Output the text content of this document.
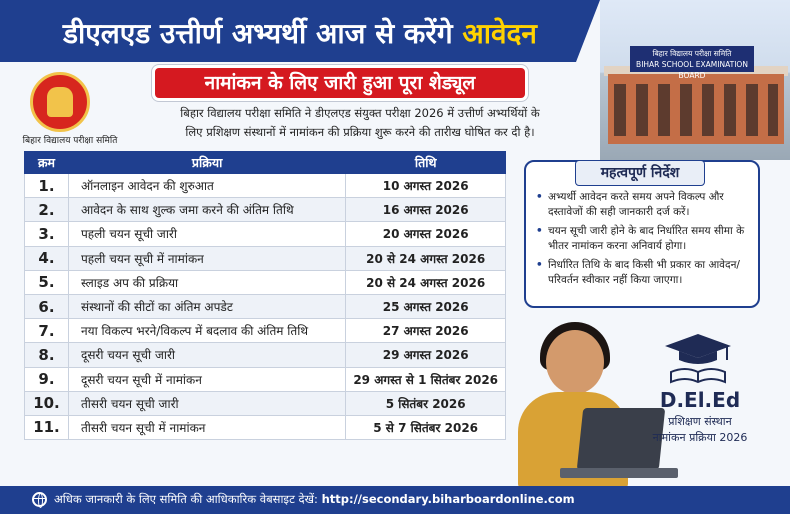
डीएलएड उत्तीर्ण अभ्यर्थी आज से करेंगे आवेदन
बिहार विद्यालय परीक्षा समिति
BIHAR SCHOOL EXAMINATION BOARD
नामांकन के लिए जारी हुआ पूरा शेड्यूल
बिहार विद्यालय परीक्षा समिति
बिहार विद्यालय परीक्षा समिति ने डीएलएड संयुक्त परीक्षा 2026 में उत्तीर्ण अभ्यर्थियों के
लिए प्रशिक्षण संस्थानों में नामांकन की प्रक्रिया शुरू करने की तारीख घोषित कर दी है।
क्रम	प्रक्रिया	तिथि
1.	ऑनलाइन आवेदन की शुरुआत	10 अगस्त 2026
2.	आवेदन के साथ शुल्क जमा करने की अंतिम तिथि	16 अगस्त 2026
3.	पहली चयन सूची जारी	20 अगस्त 2026
4.	पहली चयन सूची में नामांकन	20 से 24 अगस्त 2026
5.	स्लाइड अप की प्रक्रिया	20 से 24 अगस्त 2026
6.	संस्थानों की सीटों का अंतिम अपडेट	25 अगस्त 2026
7.	नया विकल्प भरने/विकल्प में बदलाव की अंतिम तिथि	27 अगस्त 2026
8.	दूसरी चयन सूची जारी	29 अगस्त 2026
9.	दूसरी चयन सूची में नामांकन	29 अगस्त से 1 सितंबर 2026
10.	तीसरी चयन सूची जारी	5 सितंबर 2026
11.	तीसरी चयन सूची में नामांकन	5 से 7 सितंबर 2026
महत्वपूर्ण निर्देश
• अभ्यर्थी आवेदन करते समय अपने विकल्प और दस्तावेजों की सही जानकारी दर्ज करें।
• चयन सूची जारी होने के बाद निर्धारित समय सीमा के भीतर नामांकन करना अनिवार्य होगा।
• निर्धारित तिथि के बाद किसी भी प्रकार का आवेदन/परिवर्तन स्वीकार नहीं किया जाएगा।
D.El.Ed
प्रशिक्षण संस्थान
नामांकन प्रक्रिया 2026
अधिक जानकारी के लिए समिति की आधिकारिक वेबसाइट देखें: http://secondary.biharboardonline.com
